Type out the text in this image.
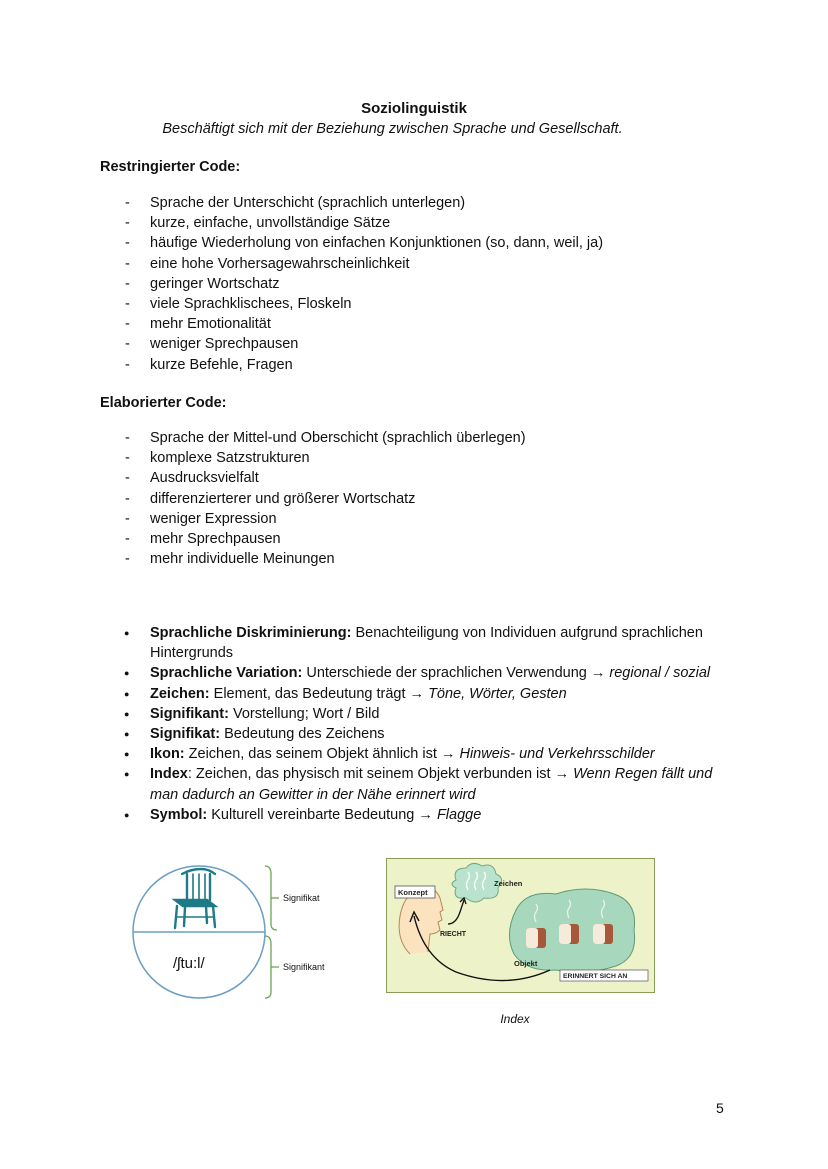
Soziolinguistik
Beschäftigt sich mit der Beziehung zwischen Sprache und Gesellschaft.
Restringierter Code:
- Sprache der Unterschicht (sprachlich unterlegen)
- kurze, einfache, unvollständige Sätze
- häufige Wiederholung von einfachen Konjunktionen (so, dann, weil, ja)
- eine hohe Vorhersagewahrscheinlichkeit
- geringer Wortschatz
- viele Sprachklischees, Floskeln
- mehr Emotionalität
- weniger Sprechpausen
- kurze Befehle, Fragen
Elaborierter Code:
- Sprache der Mittel-und Oberschicht (sprachlich überlegen)
- komplexe Satzstrukturen
- Ausdrucksvielfalt
- differenzierterer und größerer Wortschatz
- weniger Expression
- mehr Sprechpausen
- mehr individuelle Meinungen
● Sprachliche Diskriminierung: Benachteiligung von Individuen aufgrund sprachlichen Hintergrunds
● Sprachliche Variation: Unterschiede der sprachlichen Verwendung → regional / sozial
● Zeichen: Element, das Bedeutung trägt → Töne, Wörter, Gesten
● Signifikant: Vorstellung; Wort / Bild
● Signifikat: Bedeutung des Zeichens
● Ikon: Zeichen, das seinem Objekt ähnlich ist → Hinweis- und Verkehrsschilder
● Index: Zeichen, das physisch mit seinem Objekt verbunden ist → Wenn Regen fällt und man dadurch an Gewitter in der Nähe erinnert wird
● Symbol: Kulturell vereinbarte Bedeutung → Flagge
/ʃtu:l/
Signifikat
Signifikant
Konzept
Zeichen
RIECHT
Objekt
ERINNERT SICH AN
Index
5
